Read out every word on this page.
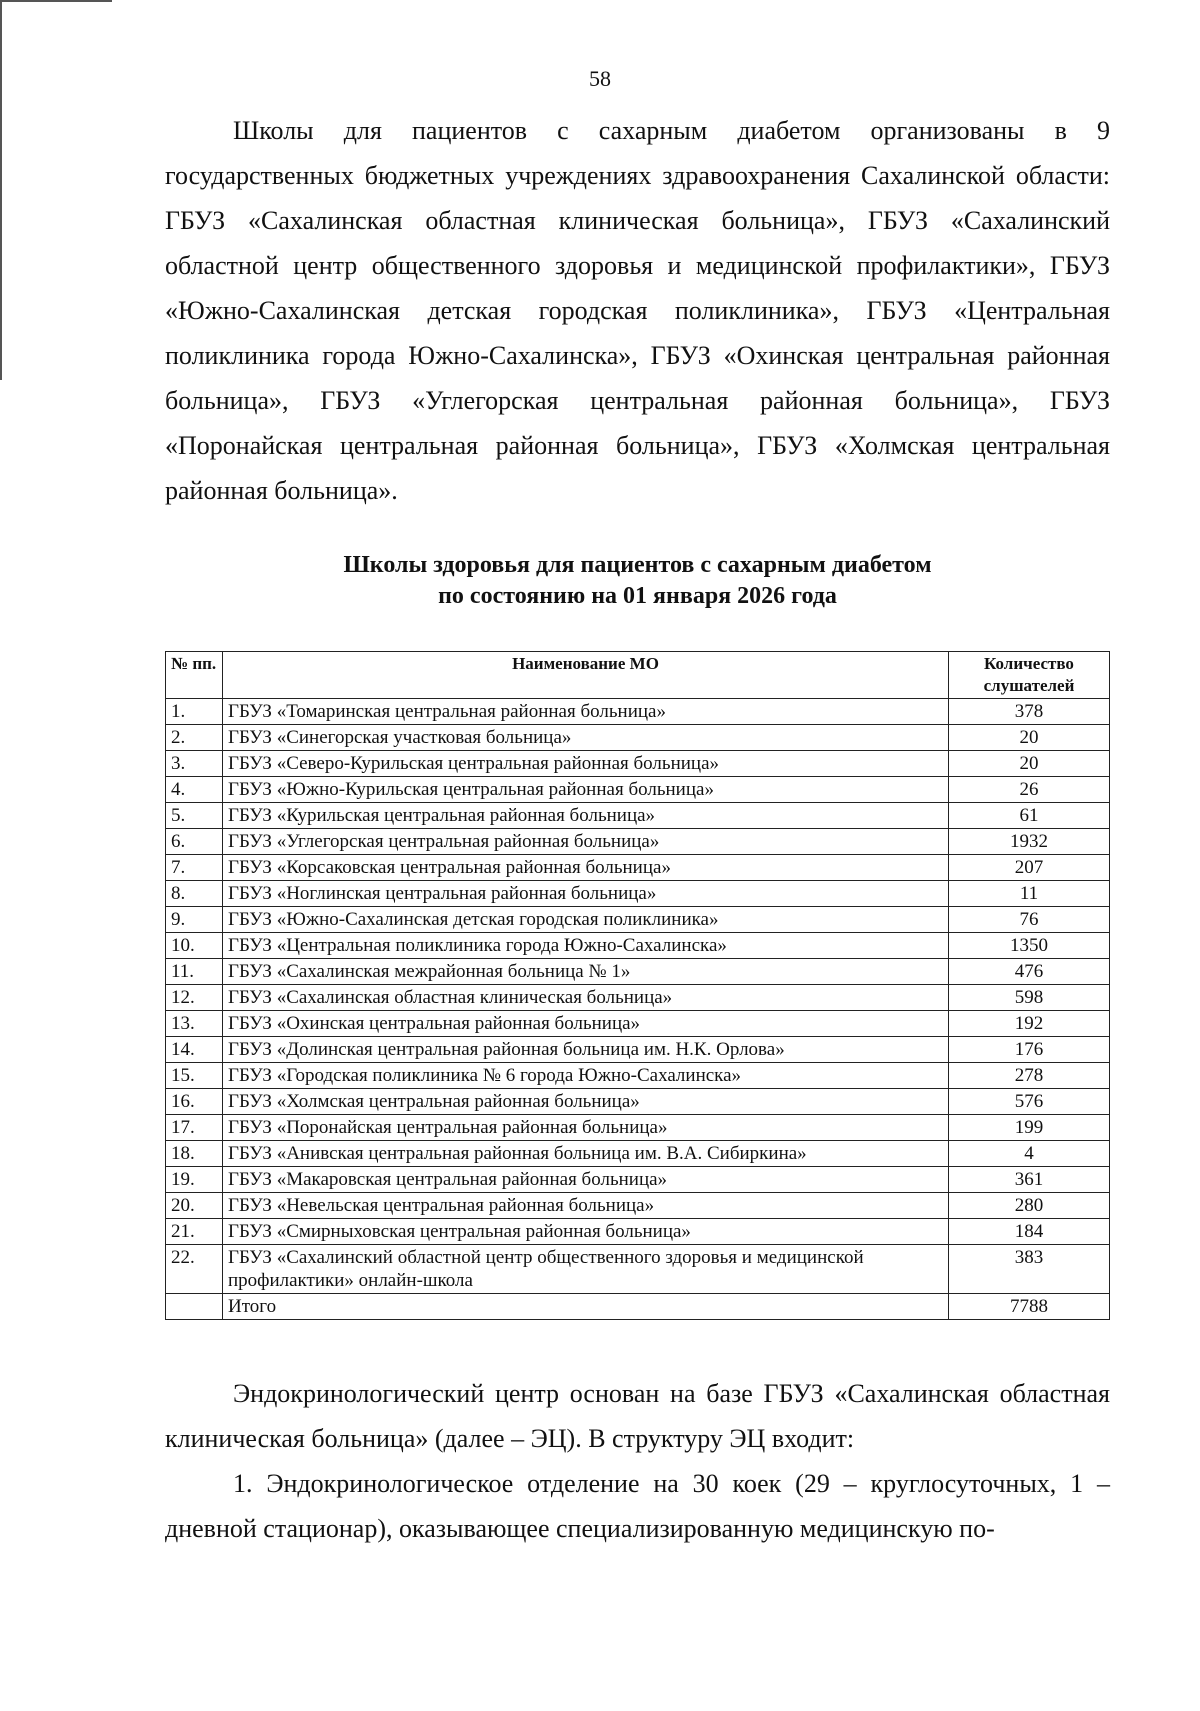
58

Школы для пациентов с сахарным диабетом организованы в 9 государственных бюджетных учреждениях здравоохранения Сахалинской области: ГБУЗ «Сахалинская областная клиническая больница», ГБУЗ «Сахалинский областной центр общественного здоровья и медицинской профилактики», ГБУЗ «Южно-Сахалинская детская городская поликлиника», ГБУЗ «Центральная поликлиника города Южно-Сахалинска», ГБУЗ «Охинская центральная районная больница», ГБУЗ «Углегорская центральная районная больница», ГБУЗ «Поронайская центральная районная больница», ГБУЗ «Холмская центральная районная больница».

Школы здоровья для пациентов с сахарным диабетом
по состоянию на 01 января 2026 года
№ пп.	Наименование МО	Количество слушателей
1.	ГБУЗ «Томаринская центральная районная больница»	378
2.	ГБУЗ «Синегорская участковая больница»	20
3.	ГБУЗ «Северо-Курильская центральная районная больница»	20
4.	ГБУЗ «Южно-Курильская центральная районная больница»	26
5.	ГБУЗ «Курильская центральная районная больница»	61
6.	ГБУЗ «Углегорская центральная районная больница»	1932
7.	ГБУЗ «Корсаковская центральная районная больница»	207
8.	ГБУЗ «Ноглинская центральная районная больница»	11
9.	ГБУЗ «Южно-Сахалинская детская городская поликлиника»	76
10.	ГБУЗ «Центральная поликлиника города Южно-Сахалинска»	1350
11.	ГБУЗ «Сахалинская межрайонная больница № 1»	476
12.	ГБУЗ «Сахалинская областная клиническая больница»	598
13.	ГБУЗ «Охинская центральная районная больница»	192
14.	ГБУЗ «Долинская центральная районная больница им. Н.К. Орлова»	176
15.	ГБУЗ «Городская поликлиника № 6 города Южно-Сахалинска»	278
16.	ГБУЗ «Холмская центральная районная больница»	576
17.	ГБУЗ «Поронайская центральная районная больница»	199
18.	ГБУЗ «Анивская центральная районная больница им. В.А. Сибиркина»	4
19.	ГБУЗ «Макаровская центральная районная больница»	361
20.	ГБУЗ «Невельская центральная районная больница»	280
21.	ГБУЗ «Смирныховская центральная районная больница»	184
22.	ГБУЗ «Сахалинский областной центр общественного здоровья и медицинской профилактики» онлайн-школа	383
	Итого	7788

Эндокринологический центр основан на базе ГБУЗ «Сахалинская областная клиническая больница» (далее – ЭЦ). В структуру ЭЦ входит:

1. Эндокринологическое отделение на 30 коек (29 – круглосуточных, 1 – дневной стационар), оказывающее специализированную медицинскую по-
